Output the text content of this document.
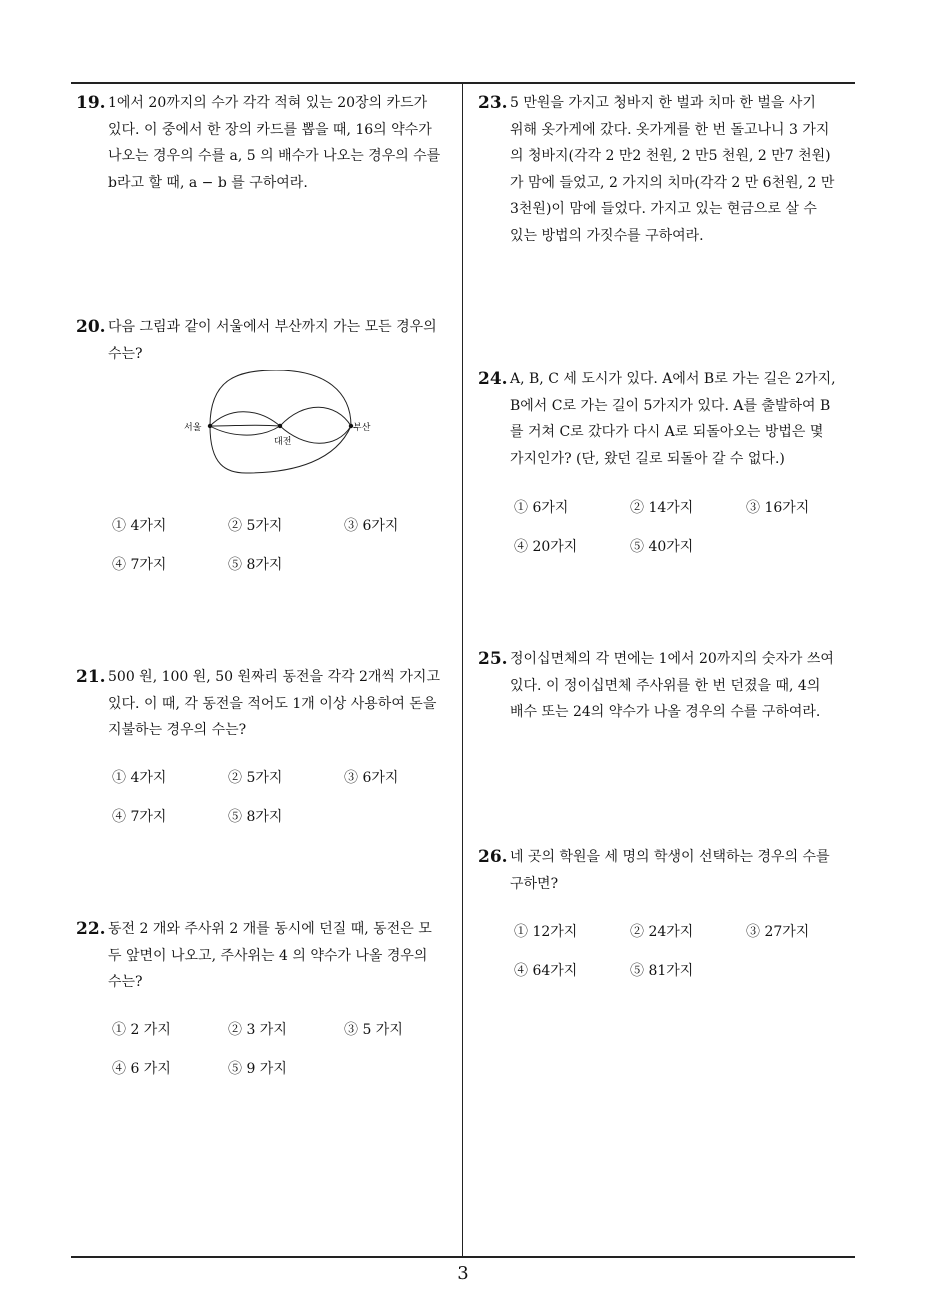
19. 1에서 20까지의 수가 각각 적혀 있는 20장의 카드가
있다. 이 중에서 한 장의 카드를 뽑을 때, 16의 약수가
나오는 경우의 수를 a, 5 의 배수가 나오는 경우의 수를
b라고 할 때, a − b 를 구하여라.
20. 다음 그림과 같이 서울에서 부산까지 가는 모든 경우의
수는?
서울
대전
부산
① 4가지	② 5가지	③ 6가지
④ 7가지	⑤ 8가지
21. 500 원, 100 원, 50 원짜리 동전을 각각 2개씩 가지고
있다. 이 때, 각 동전을 적어도 1개 이상 사용하여 돈을
지불하는 경우의 수는?
① 4가지	② 5가지	③ 6가지
④ 7가지	⑤ 8가지
22. 동전 2 개와 주사위 2 개를 동시에 던질 때, 동전은 모
두 앞면이 나오고, 주사위는 4 의 약수가 나올 경우의
수는?
① 2 가지	② 3 가지	③ 5 가지
④ 6 가지	⑤ 9 가지
23. 5 만원을 가지고 청바지 한 벌과 치마 한 벌을 사기
위해 옷가게에 갔다. 옷가게를 한 번 돌고나니 3 가지
의 청바지(각각 2 만2 천원, 2 만5 천원, 2 만7 천원)
가 맘에 들었고, 2 가지의 치마(각각 2 만 6천원, 2 만
3천원)이 맘에 들었다. 가지고 있는 현금으로 살 수
있는 방법의 가짓수를 구하여라.
24. A, B, C 세 도시가 있다. A에서 B로 가는 길은 2가지,
B에서 C로 가는 길이 5가지가 있다. A를 출발하여 B
를 거쳐 C로 갔다가 다시 A로 되돌아오는 방법은 몇
가지인가? (단, 왔던 길로 되돌아 갈 수 없다.)
① 6가지	② 14가지	③ 16가지
④ 20가지	⑤ 40가지
25. 정이십면체의 각 면에는 1에서 20까지의 숫자가 쓰여
있다. 이 정이십면체 주사위를 한 번 던졌을 때, 4의
배수 또는 24의 약수가 나올 경우의 수를 구하여라.
26. 네 곳의 학원을 세 명의 학생이 선택하는 경우의 수를
구하면?
① 12가지	② 24가지	③ 27가지
④ 64가지	⑤ 81가지
3
